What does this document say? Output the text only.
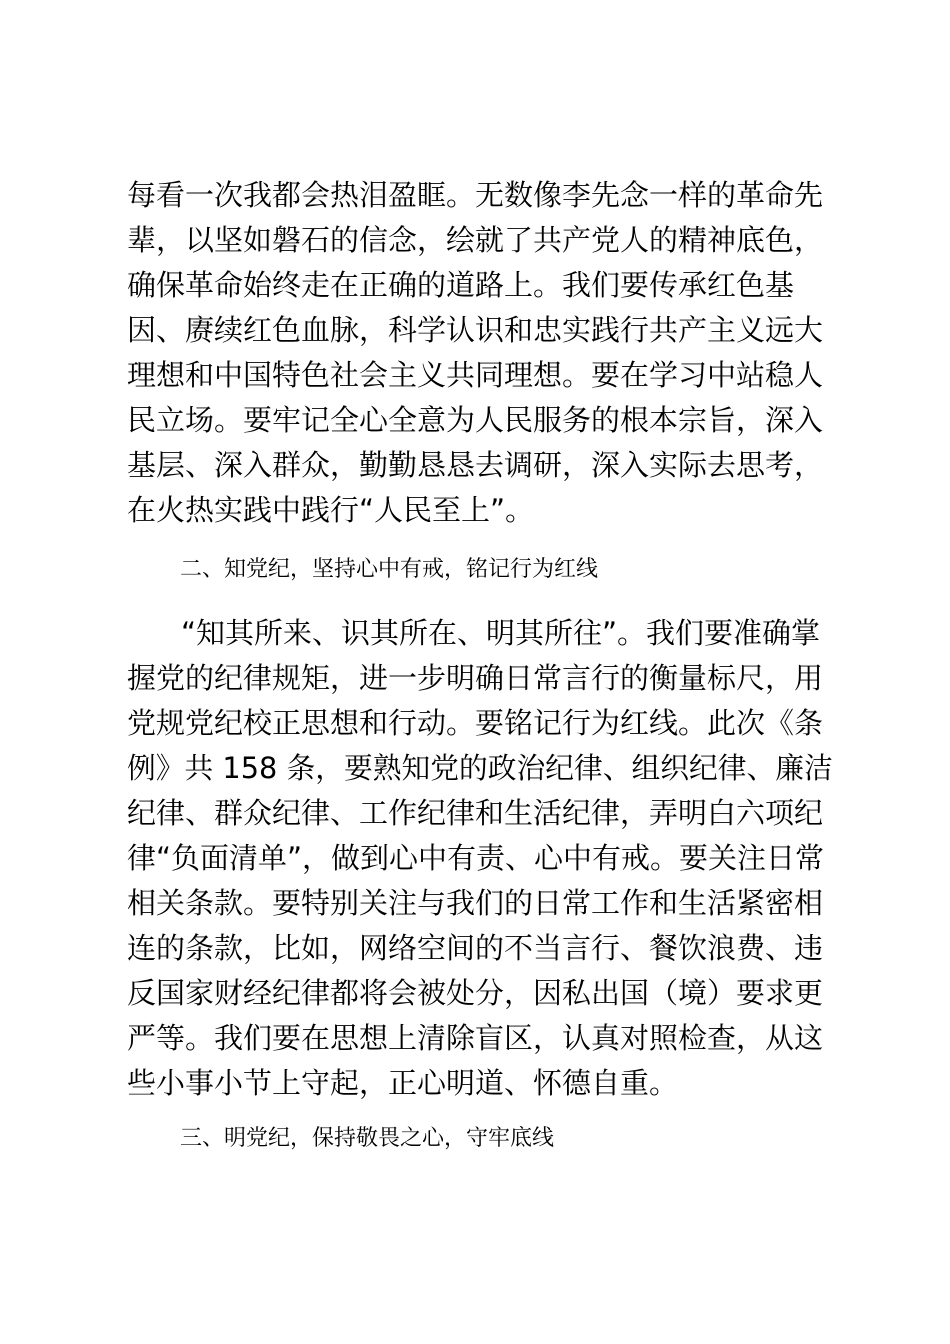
每看一次我都会热泪盈眶。无数像李先念一样的革命先
辈，以坚如磐石的信念，绘就了共产党人的精神底色，
确保革命始终走在正确的道路上。我们要传承红色基
因、赓续红色血脉，科学认识和忠实践行共产主义远大
理想和中国特色社会主义共同理想。要在学习中站稳人
民立场。要牢记全心全意为人民服务的根本宗旨，深入
基层、深入群众，勤勤恳恳去调研，深入实际去思考，
在火热实践中践行“人民至上”。
二、知党纪，坚持心中有戒，铭记行为红线
“知其所来、识其所在、明其所往”。我们要准确掌
握党的纪律规矩，进一步明确日常言行的衡量标尺，用
党规党纪校正思想和行动。要铭记行为红线。此次《条
例》共 158 条，要熟知党的政治纪律、组织纪律、廉洁
纪律、群众纪律、工作纪律和生活纪律，弄明白六项纪
律“负面清单”，做到心中有责、心中有戒。要关注日常
相关条款。要特别关注与我们的日常工作和生活紧密相
连的条款，比如，网络空间的不当言行、餐饮浪费、违
反国家财经纪律都将会被处分，因私出国（境）要求更
严等。我们要在思想上清除盲区，认真对照检查，从这
些小事小节上守起，正心明道、怀德自重。
三、明党纪，保持敬畏之心，守牢底线
